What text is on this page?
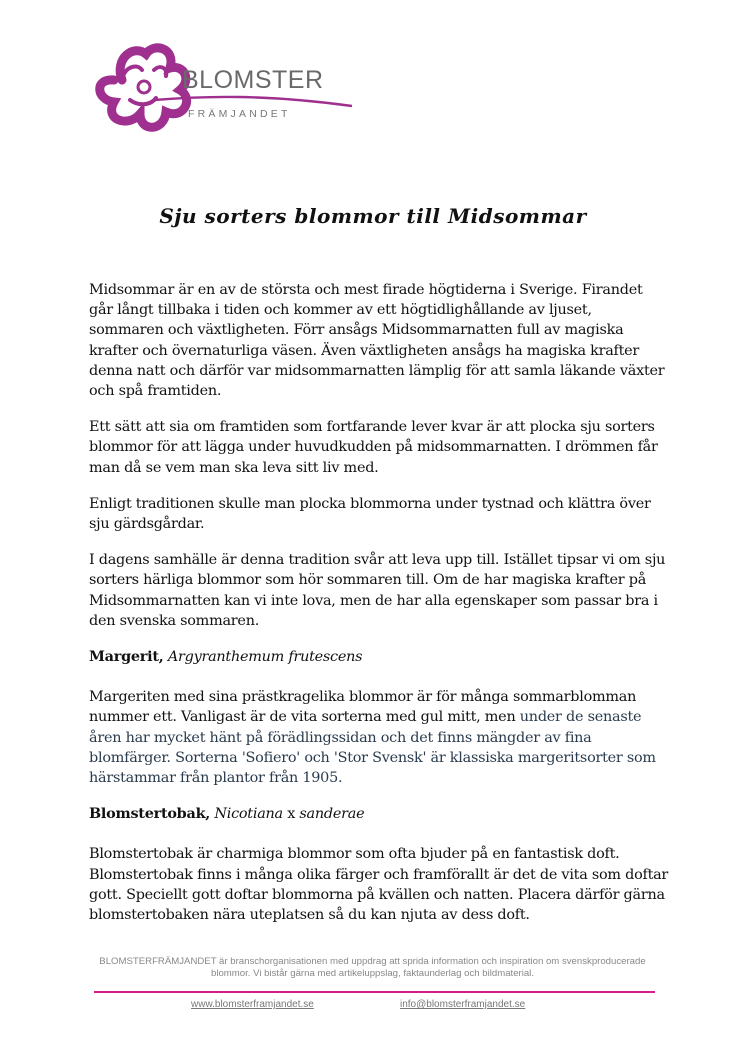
BLOMSTER
FRÄMJANDET
Sju sorters blommor till Midsommar

Midsommar är en av de största och mest firade högtiderna i Sverige. Firandet går långt tillbaka i tiden och kommer av ett högtidlighållande av ljuset, sommaren och växtligheten. Förr ansågs Midsommarnatten full av magiska krafter och övernaturliga väsen. Även växtligheten ansågs ha magiska krafter denna natt och därför var midsommarnatten lämplig för att samla läkande växter och spå framtiden.

Ett sätt att sia om framtiden som fortfarande lever kvar är att plocka sju sorters blommor för att lägga under huvudkudden på midsommarnatten. I drömmen får man då se vem man ska leva sitt liv med.

Enligt traditionen skulle man plocka blommorna under tystnad och klättra över sju gärdsgårdar.

I dagens samhälle är denna tradition svår att leva upp till. Istället tipsar vi om sju sorters härliga blommor som hör sommaren till. Om de har magiska krafter på Midsommarnatten kan vi inte lova, men de har alla egenskaper som passar bra i den svenska sommaren.

Margerit, Argyranthemum frutescens

Margeriten med sina prästkragelika blommor är för många sommarblomman nummer ett. Vanligast är de vita sorterna med gul mitt, men under de senaste åren har mycket hänt på förädlingssidan och det finns mängder av fina blomfärger. Sorterna 'Sofiero' och 'Stor Svensk' är klassiska margeritsorter som härstammar från plantor från 1905.

Blomstertobak, Nicotiana x sanderae

Blomstertobak är charmiga blommor som ofta bjuder på en fantastisk doft. Blomstertobak finns i många olika färger och framförallt är det de vita som doftar gott. Speciellt gott doftar blommorna på kvällen och natten. Placera därför gärna blomstertobaken nära uteplatsen så du kan njuta av dess doft.

BLOMSTERFRÄMJANDET är branschorganisationen med uppdrag att sprida information och inspiration om svenskproducerade blommor. Vi bistår gärna med artikeluppslag, faktaunderlag och bildmaterial.
www.blomsterframjandet.se	info@blomsterframjandet.se
